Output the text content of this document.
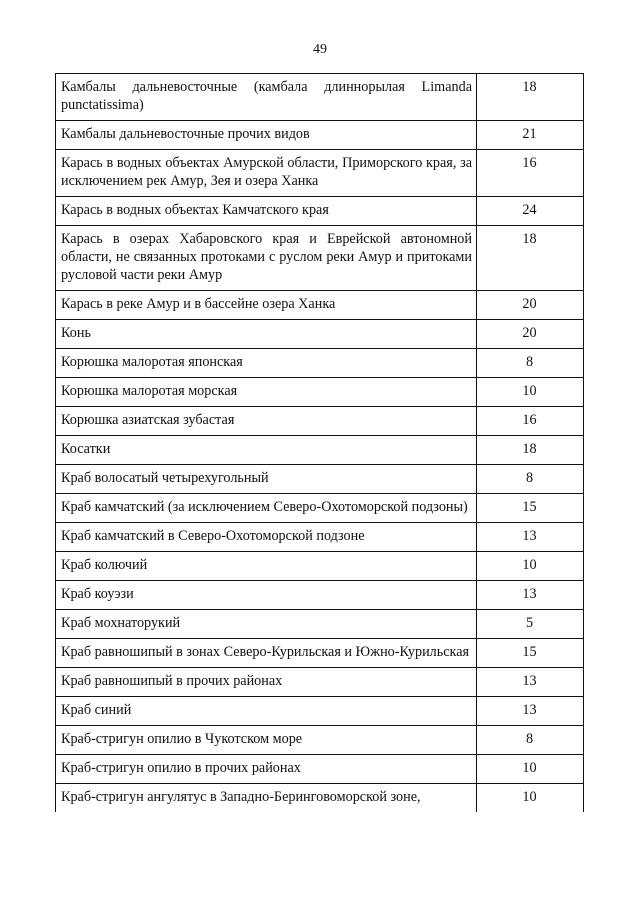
49
Камбалы дальневосточные (камбала длиннорылая Limanda punctatissima)	18
Камбалы дальневосточные прочих видов	21
Карась в водных объектах Амурской области, Приморского края, за исключением рек Амур, Зея и озера Ханка	16
Карась в водных объектах Камчатского края	24
Карась в озерах Хабаровского края и Еврейской автономной области, не связанных протоками с руслом реки Амур и притоками русловой части реки Амур	18
Карась в реке Амур и в бассейне озера Ханка	20
Конь	20
Корюшка малоротая японская	8
Корюшка малоротая морская	10
Корюшка азиатская зубастая	16
Косатки	18
Краб волосатый четырехугольный	8
Краб камчатский (за исключением Северо-Охотоморской подзоны)	15
Краб камчатский в Северо-Охотоморской подзоне	13
Краб колючий	10
Краб коуэзи	13
Краб мохнаторукий	5
Краб равношипый в зонах Северо-Курильская и Южно-Курильская	15
Краб равношипый в прочих районах	13
Краб синий	13
Краб-стригун опилио в Чукотском море	8
Краб-стригун опилио в прочих районах	10
Краб-стригун ангулятус в Западно-Беринговоморской зоне,	10
